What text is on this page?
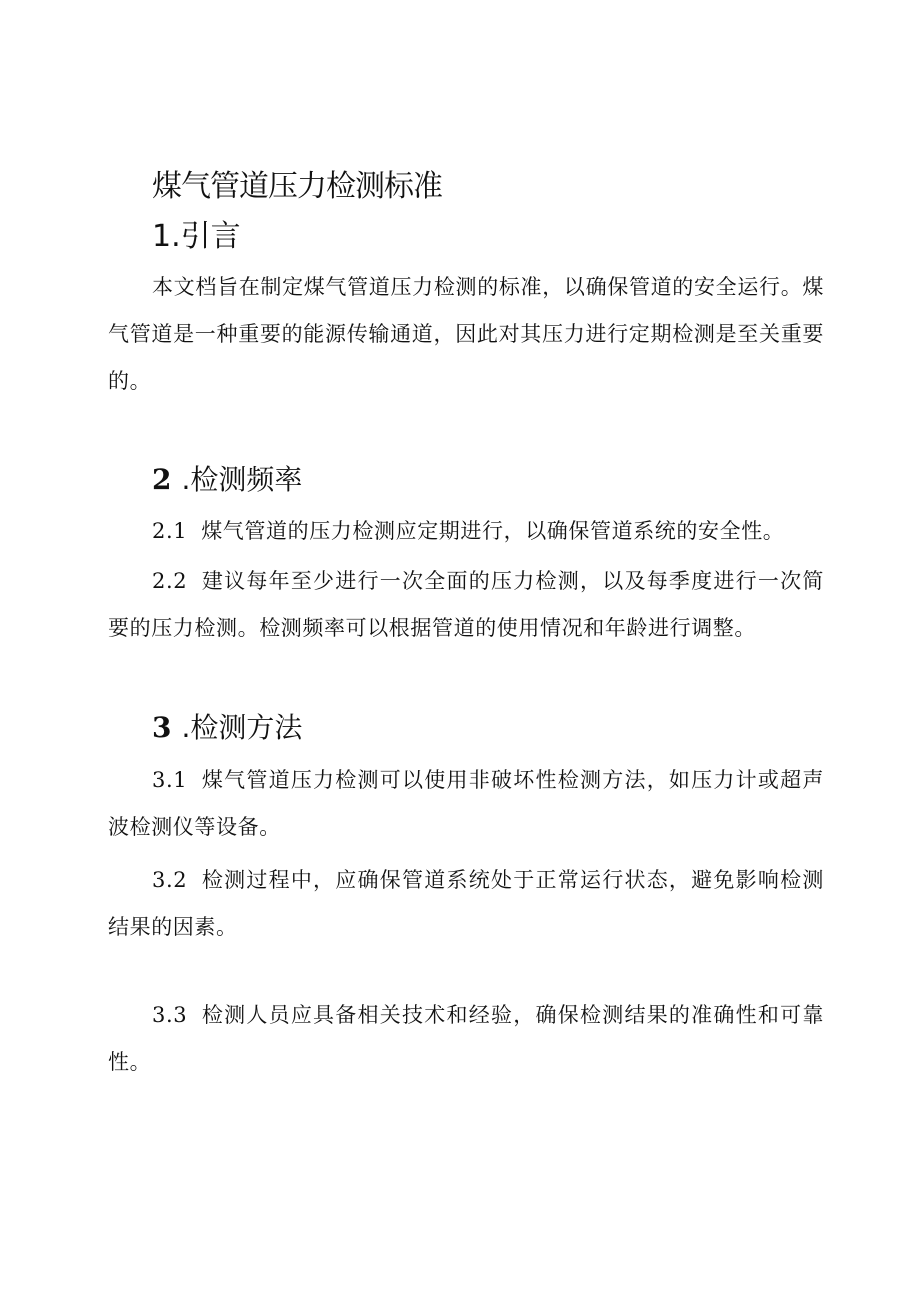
煤气管道压力检测标准
1.引言
本文档旨在制定煤气管道压力检测的标准，以确保管道的安全运行。煤气管道是一种重要的能源传输通道，因此对其压力进行定期检测是至关重要的。
2 .检测频率
2.1 煤气管道的压力检测应定期进行，以确保管道系统的安全性。
2.2 建议每年至少进行一次全面的压力检测，以及每季度进行一次简要的压力检测。检测频率可以根据管道的使用情况和年龄进行调整。
3 .检测方法
3.1 煤气管道压力检测可以使用非破坏性检测方法，如压力计或超声波检测仪等设备。
3.2 检测过程中，应确保管道系统处于正常运行状态，避免影响检测结果的因素。
3.3 检测人员应具备相关技术和经验，确保检测结果的准确性和可靠性。
